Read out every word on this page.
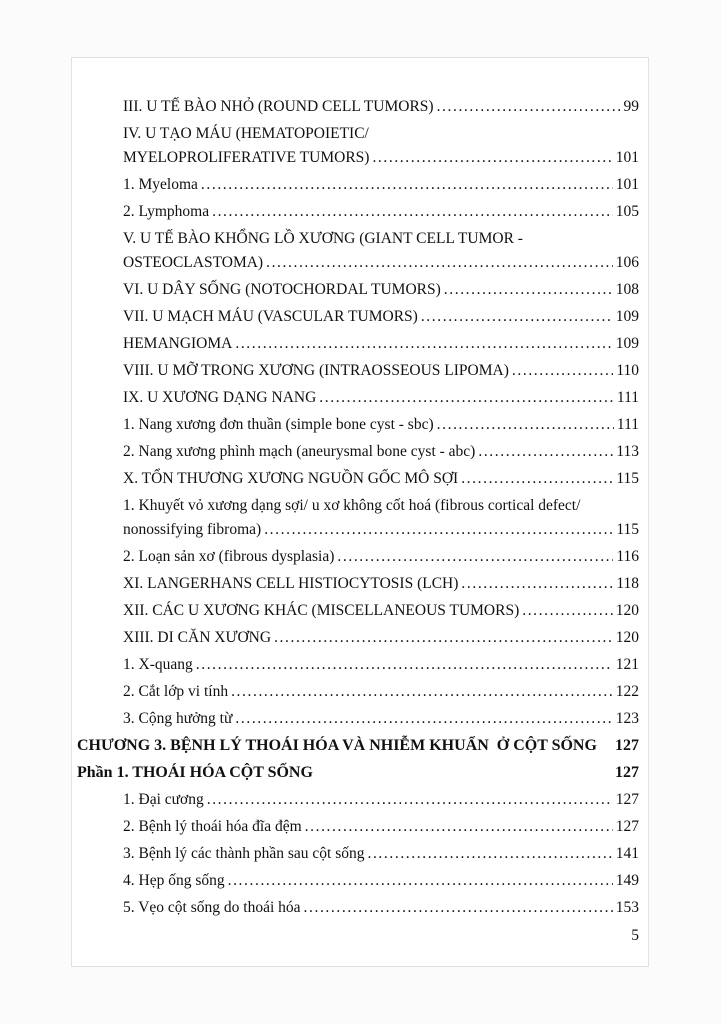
III. U TẾ BÀO NHỎ (ROUND CELL TUMORS) .....	99
IV. U TẠO MÁU (HEMATOPOIETIC/
MYELOPROLIFERATIVE TUMORS) .....	101
1. Myeloma .....	101
2. Lymphoma .....	105
V. U TẾ BÀO KHỔNG LỒ XƯƠNG (GIANT CELL TUMOR -
OSTEOCLASTOMA) .....	106
VI. U DÂY SỐNG (NOTOCHORDAL TUMORS) .....	108
VII. U MẠCH MÁU (VASCULAR TUMORS) .....	109
HEMANGIOMA .....	109
VIII. U MỠ TRONG XƯƠNG (INTRAOSSEOUS LIPOMA) .....	110
IX. U XƯƠNG DẠNG NANG .....	111
1. Nang xương đơn thuần (simple bone cyst - sbc) .....	111
2. Nang xương phình mạch (aneurysmal bone cyst - abc) .....	113
X. TỔN THƯƠNG XƯƠNG NGUỒN GỐC MÔ SỢI .....	115
1. Khuyết vỏ xương dạng sợi/ u xơ không cốt hoá (fibrous cortical defect/
nonossifying fibroma) .....	115
2. Loạn sản xơ (fibrous dysplasia) .....	116
XI. LANGERHANS CELL HISTIOCYTOSIS (LCH) .....	118
XII. CÁC U XƯƠNG KHÁC (MISCELLANEOUS TUMORS) .....	120
XIII. DI CĂN XƯƠNG .....	120
1. X-quang .....	121
2. Cắt lớp vi tính .....	122
3. Cộng hưởng từ .....	123
CHƯƠNG 3. BỆNH LÝ THOÁI HÓA VÀ NHIỄM KHUẨN  Ở CỘT SỐNG 127
Phần 1. THOÁI HÓA CỘT SỐNG	127
1. Đại cương .....	127
2. Bệnh lý thoái hóa đĩa đệm .....	127
3. Bệnh lý các thành phần sau cột sống .....	141
4. Hẹp ống sống .....	149
5. Vẹo cột sống do thoái hóa .....	153
5
